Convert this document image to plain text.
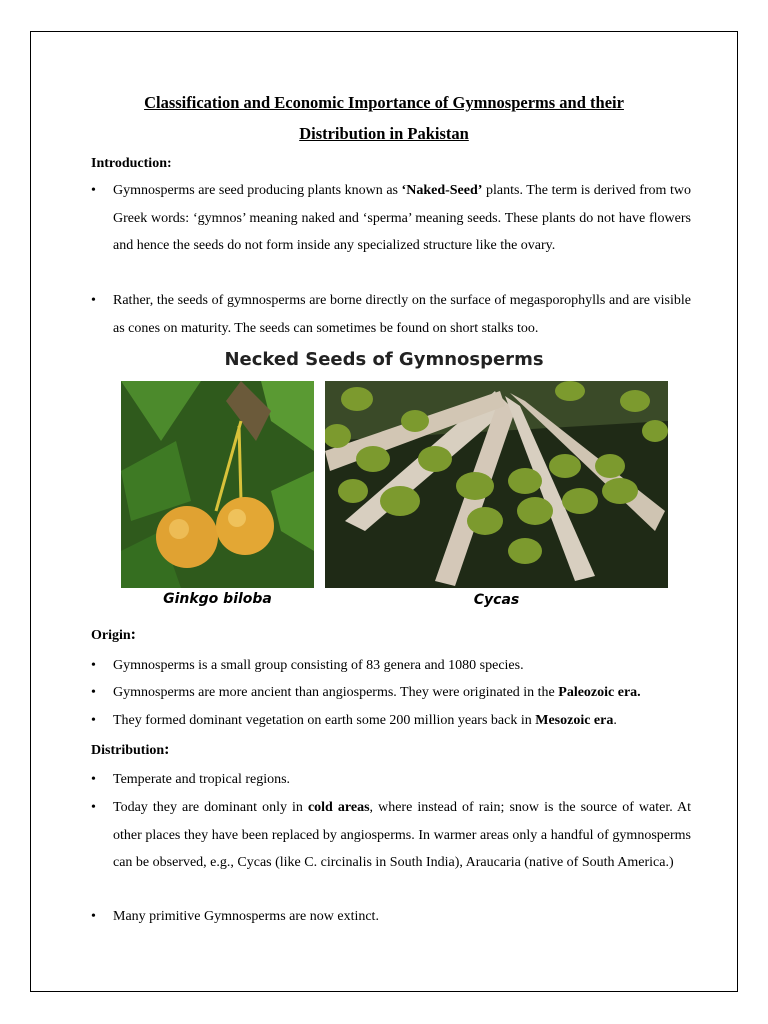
Classification and Economic Importance of Gymnosperms and their
Distribution in Pakistan
Introduction:
• Gymnosperms are seed producing plants known as ‘Naked-Seed’ plants. The term is derived from two Greek words: ‘gymnos’ meaning naked and ‘sperma’ meaning seeds. These plants do not have flowers and hence the seeds do not form inside any specialized structure like the ovary.
• Rather, the seeds of gymnosperms are borne directly on the surface of megasporophylls and are visible as cones on maturity. The seeds can sometimes be found on short stalks too.
Necked Seeds of Gymnosperms
Ginkgo biloba	Cycas
Origin:
• Gymnosperms is a small group consisting of 83 genera and 1080 species.
• Gymnosperms are more ancient than angiosperms. They were originated in the Paleozoic era.
• They formed dominant vegetation on earth some 200 million years back in Mesozoic era.
Distribution:
• Temperate and tropical regions.
• Today they are dominant only in cold areas, where instead of rain; snow is the source of water. At other places they have been replaced by angiosperms. In warmer areas only a handful of gymnosperms can be observed, e.g., Cycas (like C. circinalis in South India), Araucaria (native of South America.)
• Many primitive Gymnosperms are now extinct.
